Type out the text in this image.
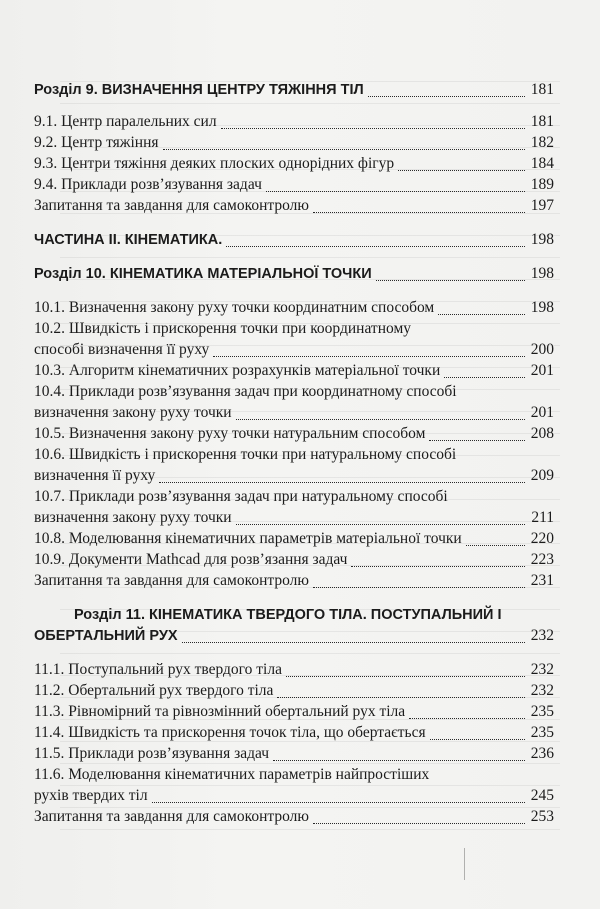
Розділ 9. ВИЗНАЧЕННЯ ЦЕНТРУ ТЯЖІННЯ ТІЛ	181
9.1. Центр паралельних сил	181
9.2. Центр тяжіння	182
9.3. Центри тяжіння деяких плоских однорідних фігур	184
9.4. Приклади розв’язування задач	189
Запитання та завдання для самоконтролю	197
ЧАСТИНА ІІ. КІНЕМАТИКА.	198
Розділ 10. КІНЕМАТИКА МАТЕРІАЛЬНОЇ ТОЧКИ	198
10.1. Визначення закону руху точки координатним способом	198
10.2. Швидкість і прискорення точки при координатному
способі визначення її руху	200
10.3. Алгоритм кінематичних розрахунків матеріальної точки	201
10.4. Приклади розв’язування задач при координатному способі
визначення закону руху точки	201
10.5. Визначення закону руху точки натуральним способом	208
10.6. Швидкість і прискорення точки при натуральному способі
визначення її руху	209
10.7. Приклади розв’язування задач при натуральному способі
визначення закону руху точки	211
10.8. Моделювання кінематичних параметрів матеріальної точки	220
10.9. Документи Mathcad для розв’язання задач	223
Запитання та завдання для самоконтролю	231
Розділ 11. КІНЕМАТИКА ТВЕРДОГО ТІЛА. ПОСТУПАЛЬНИЙ І
ОБЕРТАЛЬНИЙ РУХ	232
11.1. Поступальний рух твердого тіла	232
11.2. Обертальний рух твердого тіла	232
11.3. Рівномірний та рівнозмінний обертальний рух тіла	235
11.4. Швидкість та прискорення точок тіла, що обертається	235
11.5. Приклади розв’язування задач	236
11.6. Моделювання кінематичних параметрів найпростіших
рухів твердих тіл	245
Запитання та завдання для самоконтролю	253
